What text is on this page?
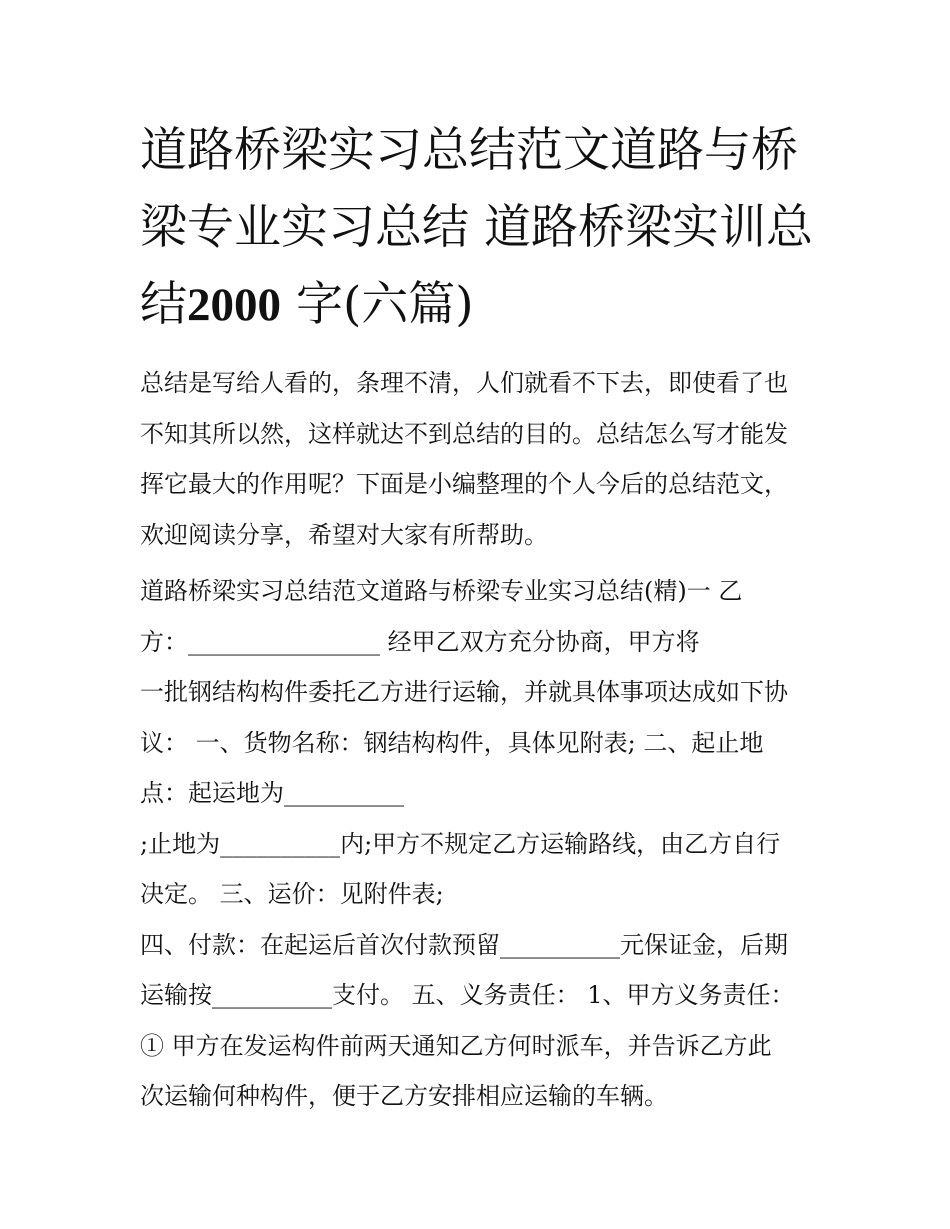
道路桥梁实习总结范文道路与桥梁专业实习总结 道路桥梁实训总结2000 字(六篇)

总结是写给人看的，条理不清，人们就看不下去，即使看了也

不知其所以然，这样就达不到总结的目的。总结怎么写才能发

挥它最大的作用呢？下面是小编整理的个人今后的总结范文，

欢迎阅读分享，希望对大家有所帮助。

道路桥梁实习总结范文道路与桥梁专业实习总结(精)一 乙

方：________________ 经甲乙双方充分协商，甲方将

一批钢结构构件委托乙方进行运输，并就具体事项达成如下协

议： 一、货物名称：钢结构构件，具体见附表; 二、起止地

点：起运地为__________

;止地为__________内;甲方不规定乙方运输路线，由乙方自行

决定。 三、运价：见附件表;

四、付款：在起运后首次付款预留__________元保证金，后期

运输按__________支付。 五、义务责任： 1、甲方义务责任：

① 甲方在发运构件前两天通知乙方何时派车，并告诉乙方此

次运输何种构件，便于乙方安排相应运输的车辆。
